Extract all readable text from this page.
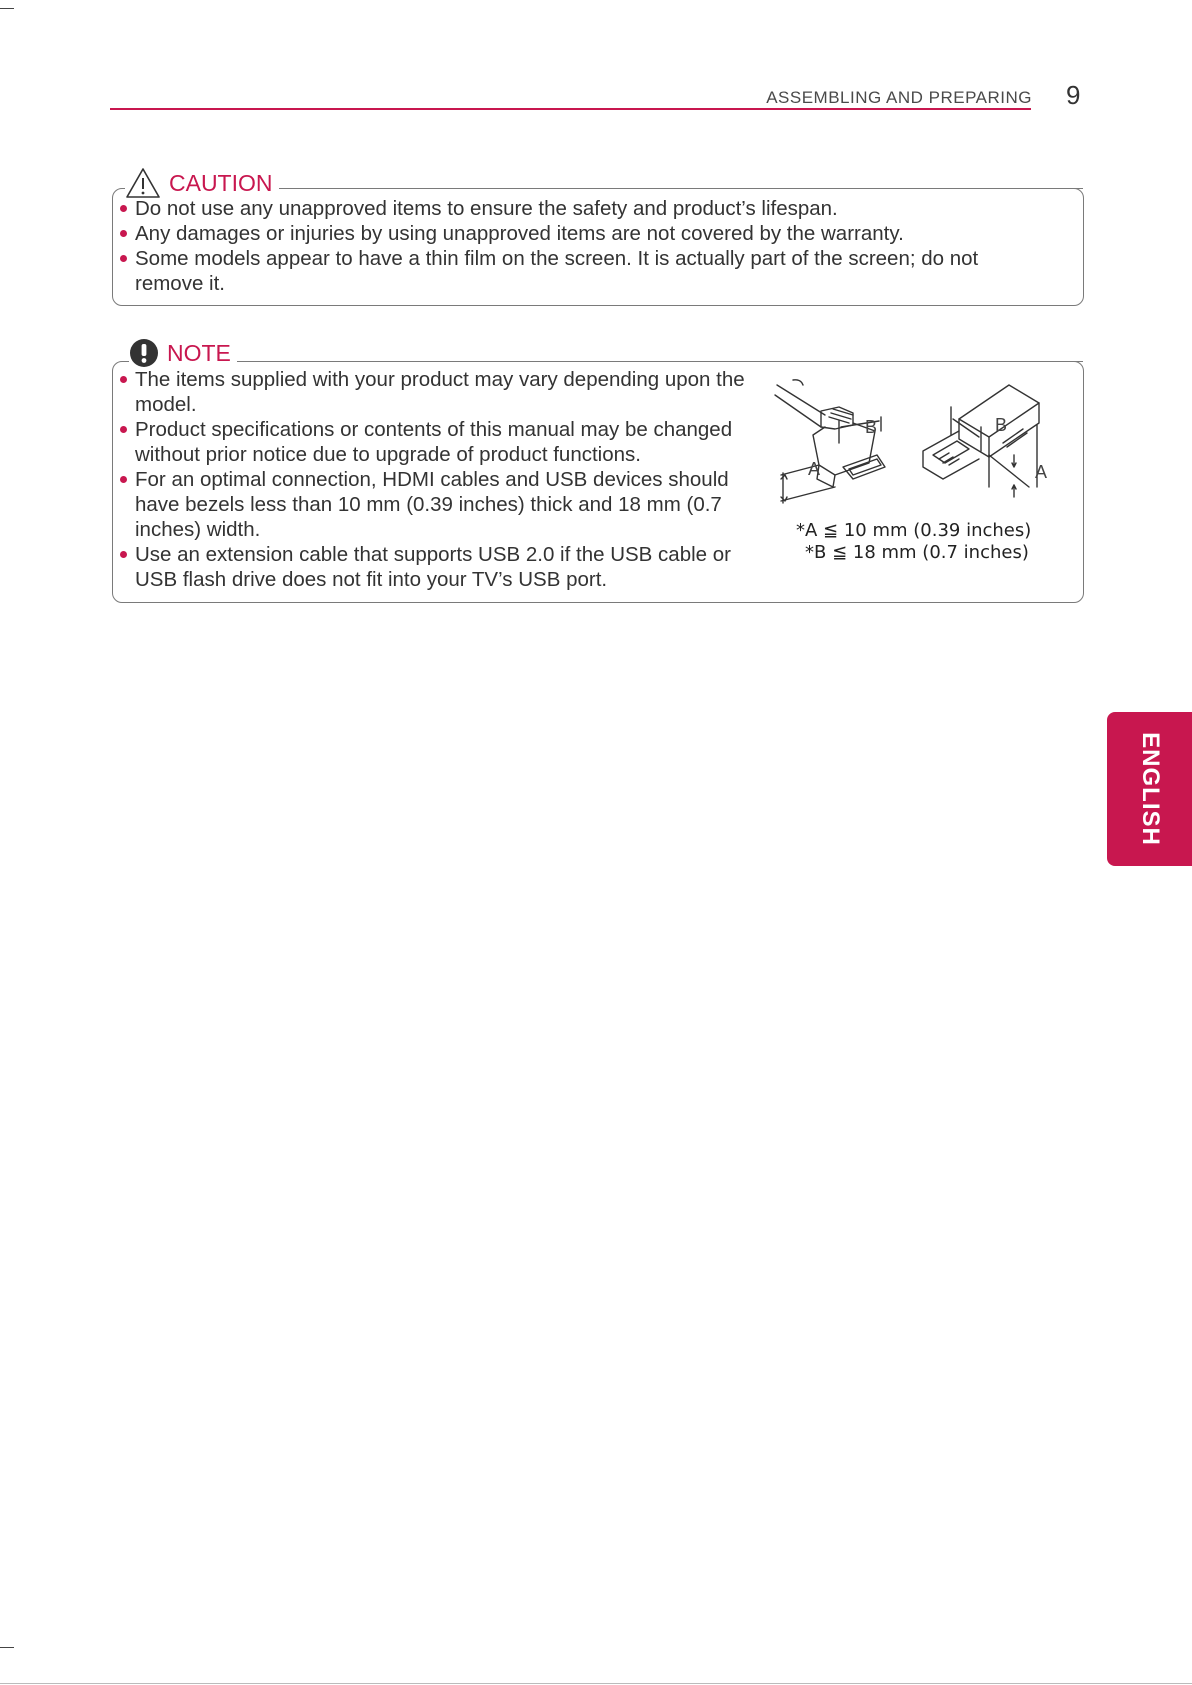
ASSEMBLING AND PREPARING 9
CAUTION
Do not use any unapproved items to ensure the safety and product’s lifespan.
Any damages or injuries by using unapproved items are not covered by the warranty.
Some models appear to have a thin film on the screen. It is actually part of the screen; do not remove it.
NOTE
The items supplied with your product may vary depending upon the model.
Product specifications or contents of this manual may be changed without prior notice due to upgrade of product functions.
For an optimal connection, HDMI cables and USB devices should have bezels less than 10 mm (0.39 inches) thick and 18 mm (0.7 inches) width.
Use an extension cable that supports USB 2.0 if the USB cable or USB flash drive does not fit into your TV’s USB port.
A
B
A
B
*A ≦ 10 mm (0.39 inches)
*B ≦ 18 mm (0.7 inches)
ENGLISH
